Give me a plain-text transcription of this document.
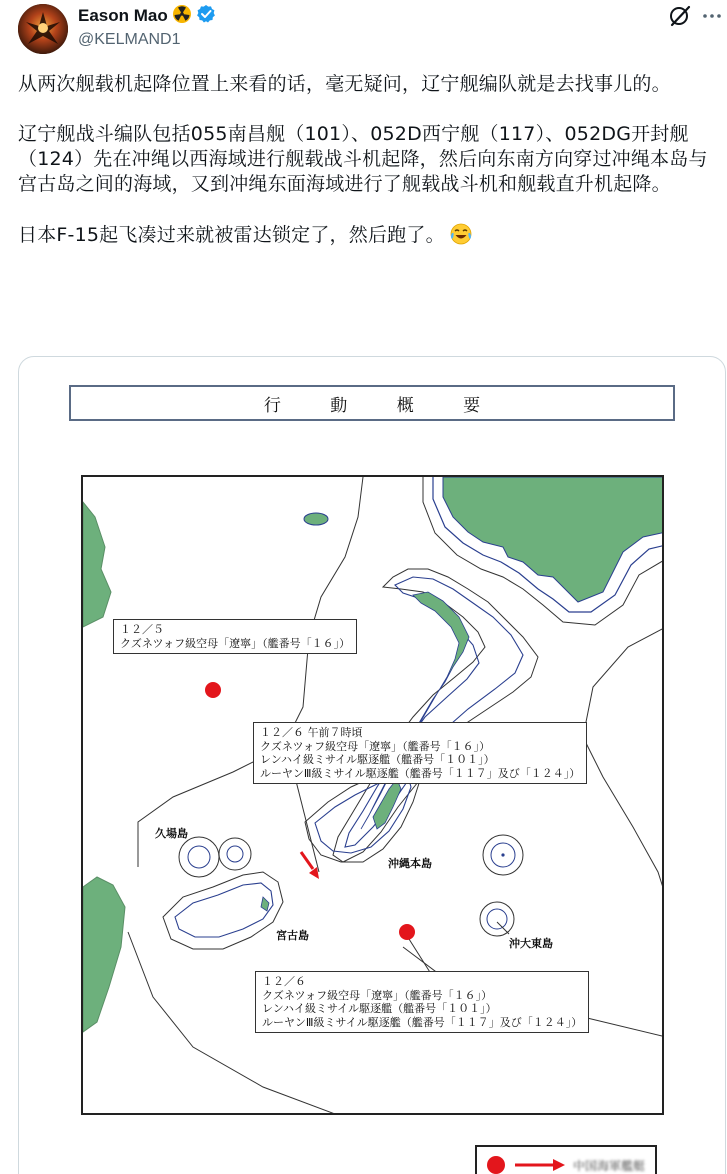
Eason Mao
@KELMAND1

从两次舰载机起降位置上来看的话，毫无疑问，辽宁舰编队就是去找事儿的。

辽宁舰战斗编队包括055南昌舰（101）、052D西宁舰（117）、052DG开封舰（124）先在冲绳以西海域进行舰载战斗机起降，然后向东南方向穿过冲绳本岛与宫古岛之间的海域，又到冲绳东面海域进行了舰载战斗机和舰载直升机起降。

日本F-15起飞凑过来就被雷达锁定了，然后跑了。

行 動 概 要
１２／５
クズネツォフ級空母「遼寧」（艦番号「１６」）
１２／６ 午前７時頃
クズネツォフ級空母「遼寧」（艦番号「１６」）
レンハイ級ミサイル駆逐艦（艦番号「１０１」）
ルーヤンⅢ級ミサイル駆逐艦（艦番号「１１７」及び「１２４」）
１２／６
クズネツォフ級空母「遼寧」（艦番号「１６」）
レンハイ級ミサイル駆逐艦（艦番号「１０１」）
ルーヤンⅢ級ミサイル駆逐艦（艦番号「１１７」及び「１２４」）
久場島
沖縄本島
宮古島
沖大東島
中国海軍艦艇
